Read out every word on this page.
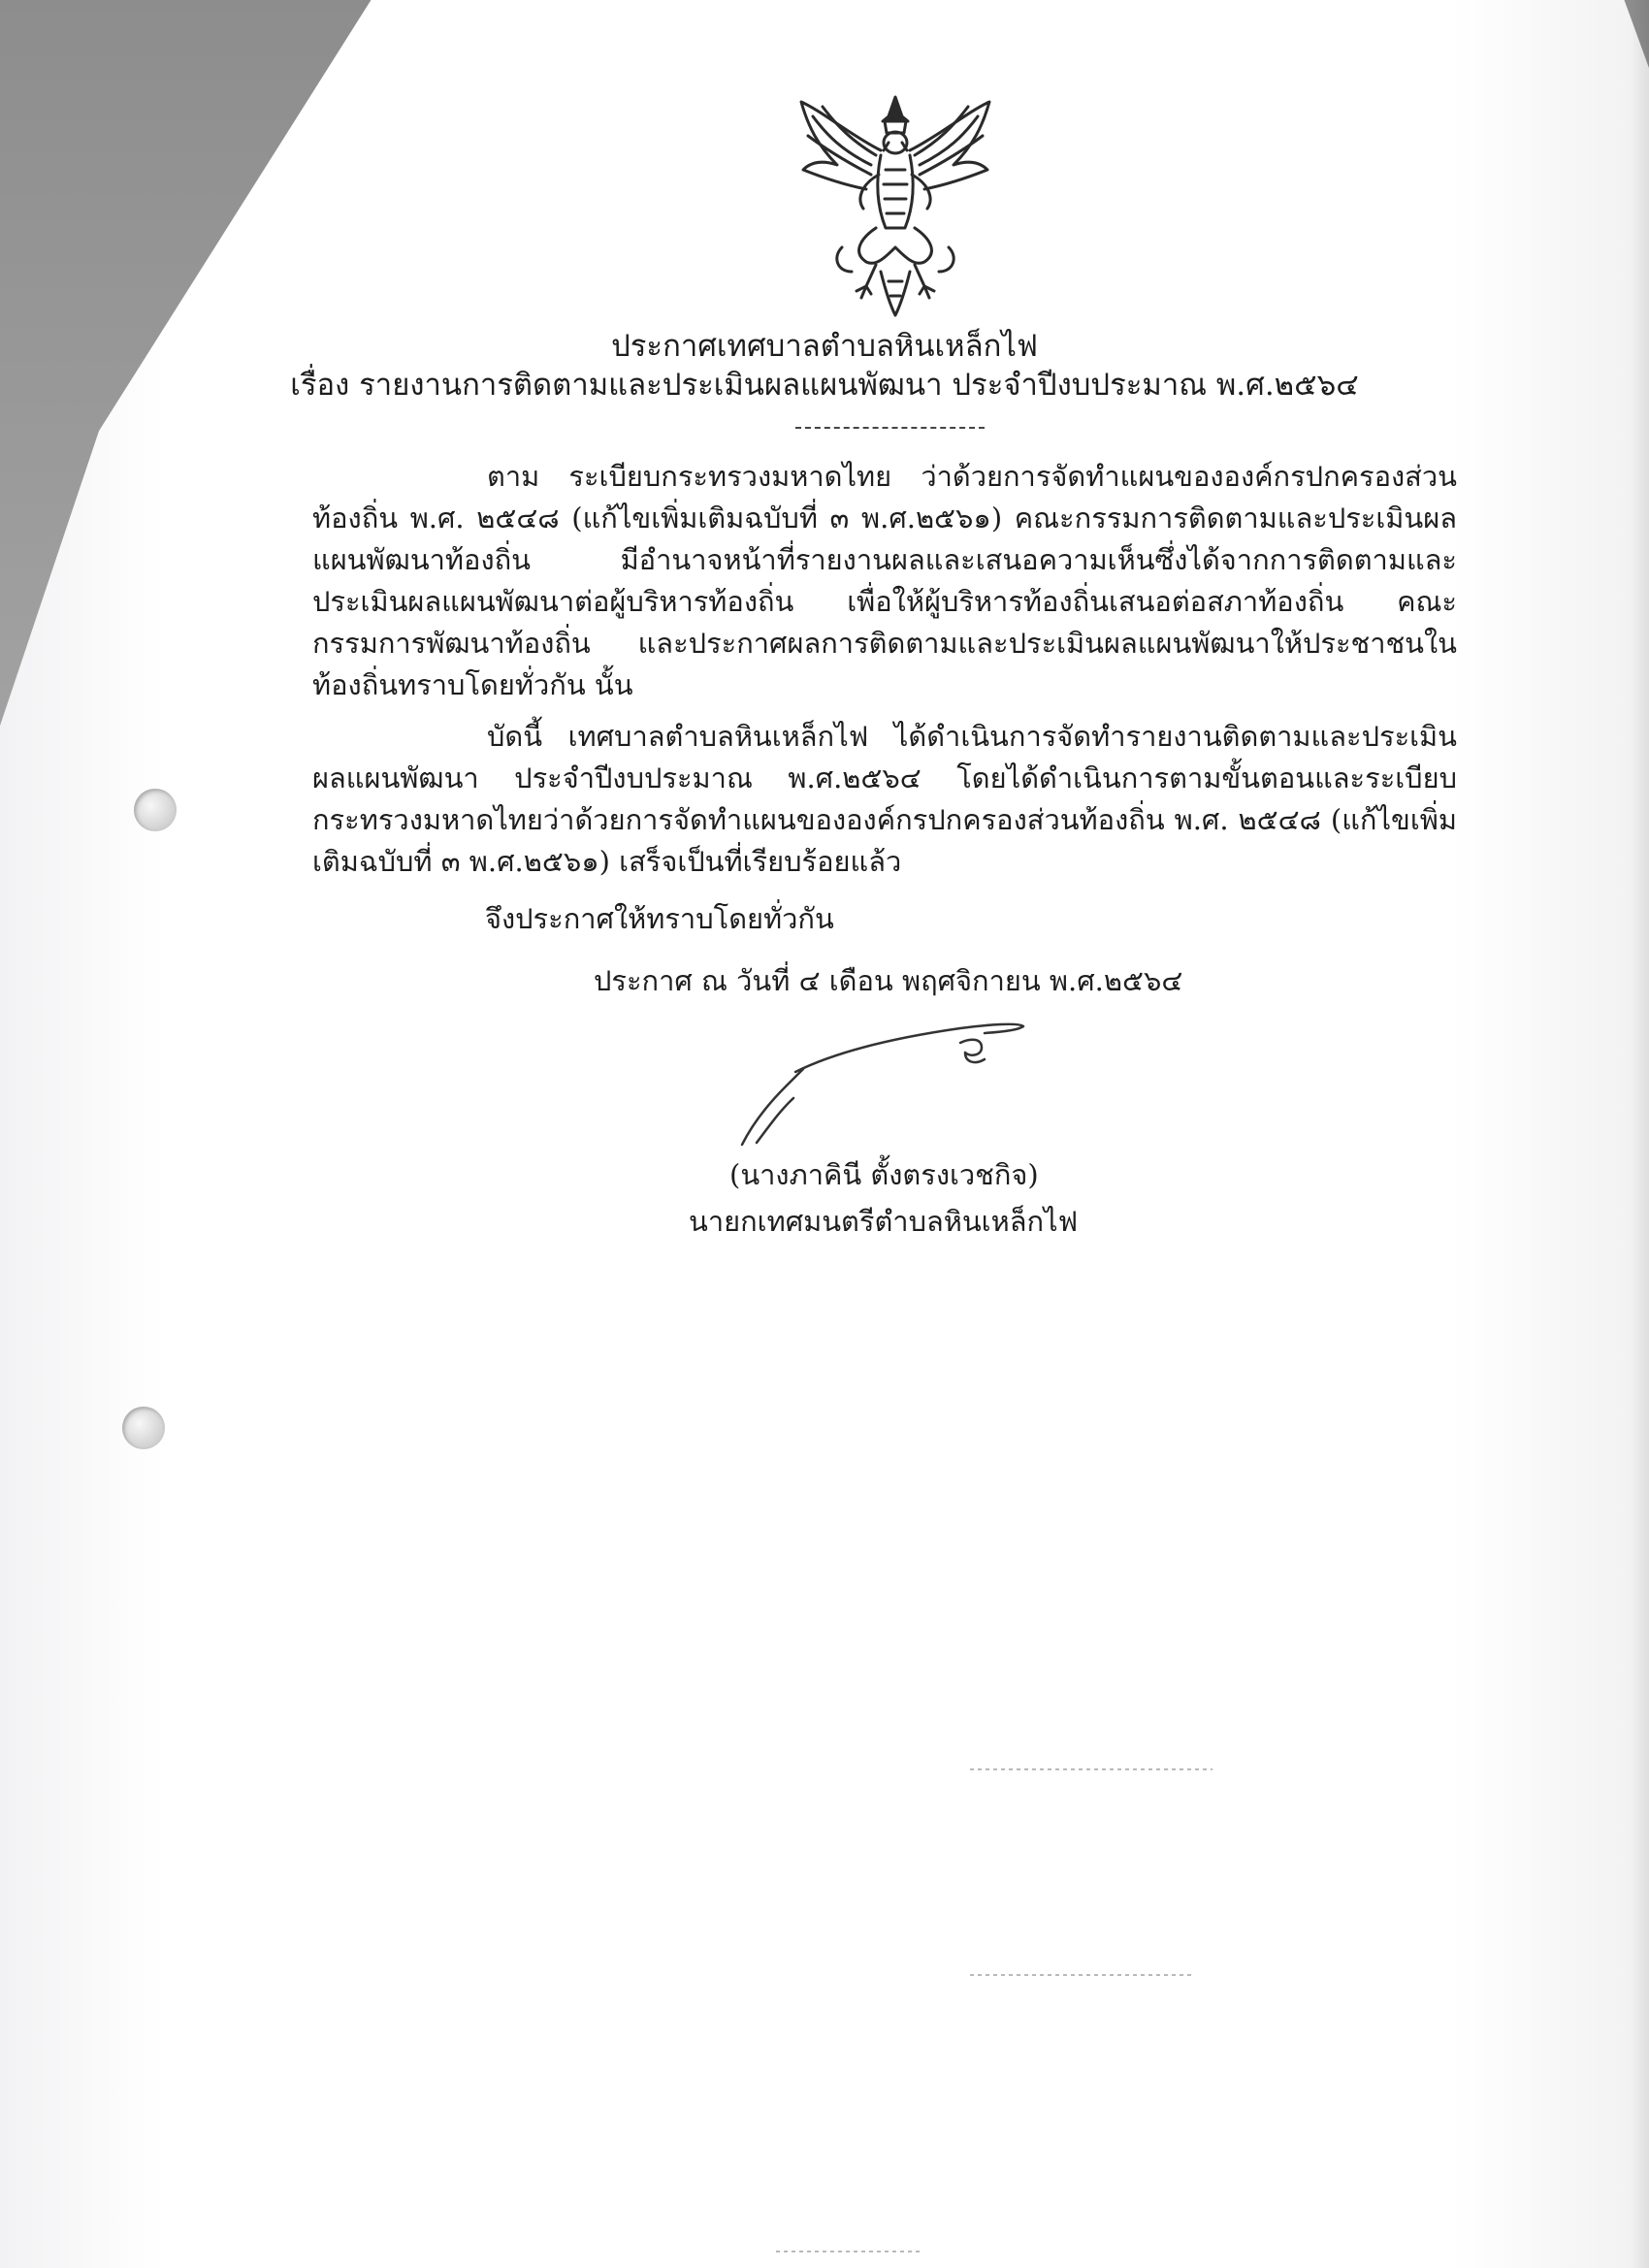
ประกาศเทศบาลตำบลหินเหล็กไฟ
เรื่อง รายงานการติดตามและประเมินผลแผนพัฒนา ประจำปีงบประมาณ พ.ศ.๒๕๖๔

ตาม ระเบียบกระทรวงมหาดไทย ว่าด้วยการจัดทำแผนขององค์กรปกครองส่วนท้องถิ่น พ.ศ. ๒๕๔๘ (แก้ไขเพิ่มเติมฉบับที่ ๓ พ.ศ.๒๕๖๑) คณะกรรมการติดตามและประเมินผลแผนพัฒนาท้องถิ่น มีอำนาจหน้าที่รายงานผลและเสนอความเห็นซึ่งได้จากการติดตามและประเมินผลแผนพัฒนาต่อผู้บริหารท้องถิ่น เพื่อให้ผู้บริหารท้องถิ่นเสนอต่อสภาท้องถิ่น คณะกรรมการพัฒนาท้องถิ่น และประกาศผลการติดตามและประเมินผลแผนพัฒนาให้ประชาชนในท้องถิ่นทราบโดยทั่วกัน นั้น

บัดนี้ เทศบาลตำบลหินเหล็กไฟ ได้ดำเนินการจัดทำรายงานติดตามและประเมินผลแผนพัฒนา ประจำปีงบประมาณ พ.ศ.๒๕๖๔ โดยได้ดำเนินการตามขั้นตอนและระเบียบกระทรวงมหาดไทยว่าด้วยการจัดทำแผนขององค์กรปกครองส่วนท้องถิ่น พ.ศ. ๒๕๔๘ (แก้ไขเพิ่มเติมฉบับที่ ๓ พ.ศ.๒๕๖๑) เสร็จเป็นที่เรียบร้อยแล้ว

จึงประกาศให้ทราบโดยทั่วกัน
ประกาศ ณ วันที่ ๔ เดือน พฤศจิกายน พ.ศ.๒๕๖๔
(นางภาคินี ตั้งตรงเวชกิจ)
นายกเทศมนตรีตำบลหินเหล็กไฟ
